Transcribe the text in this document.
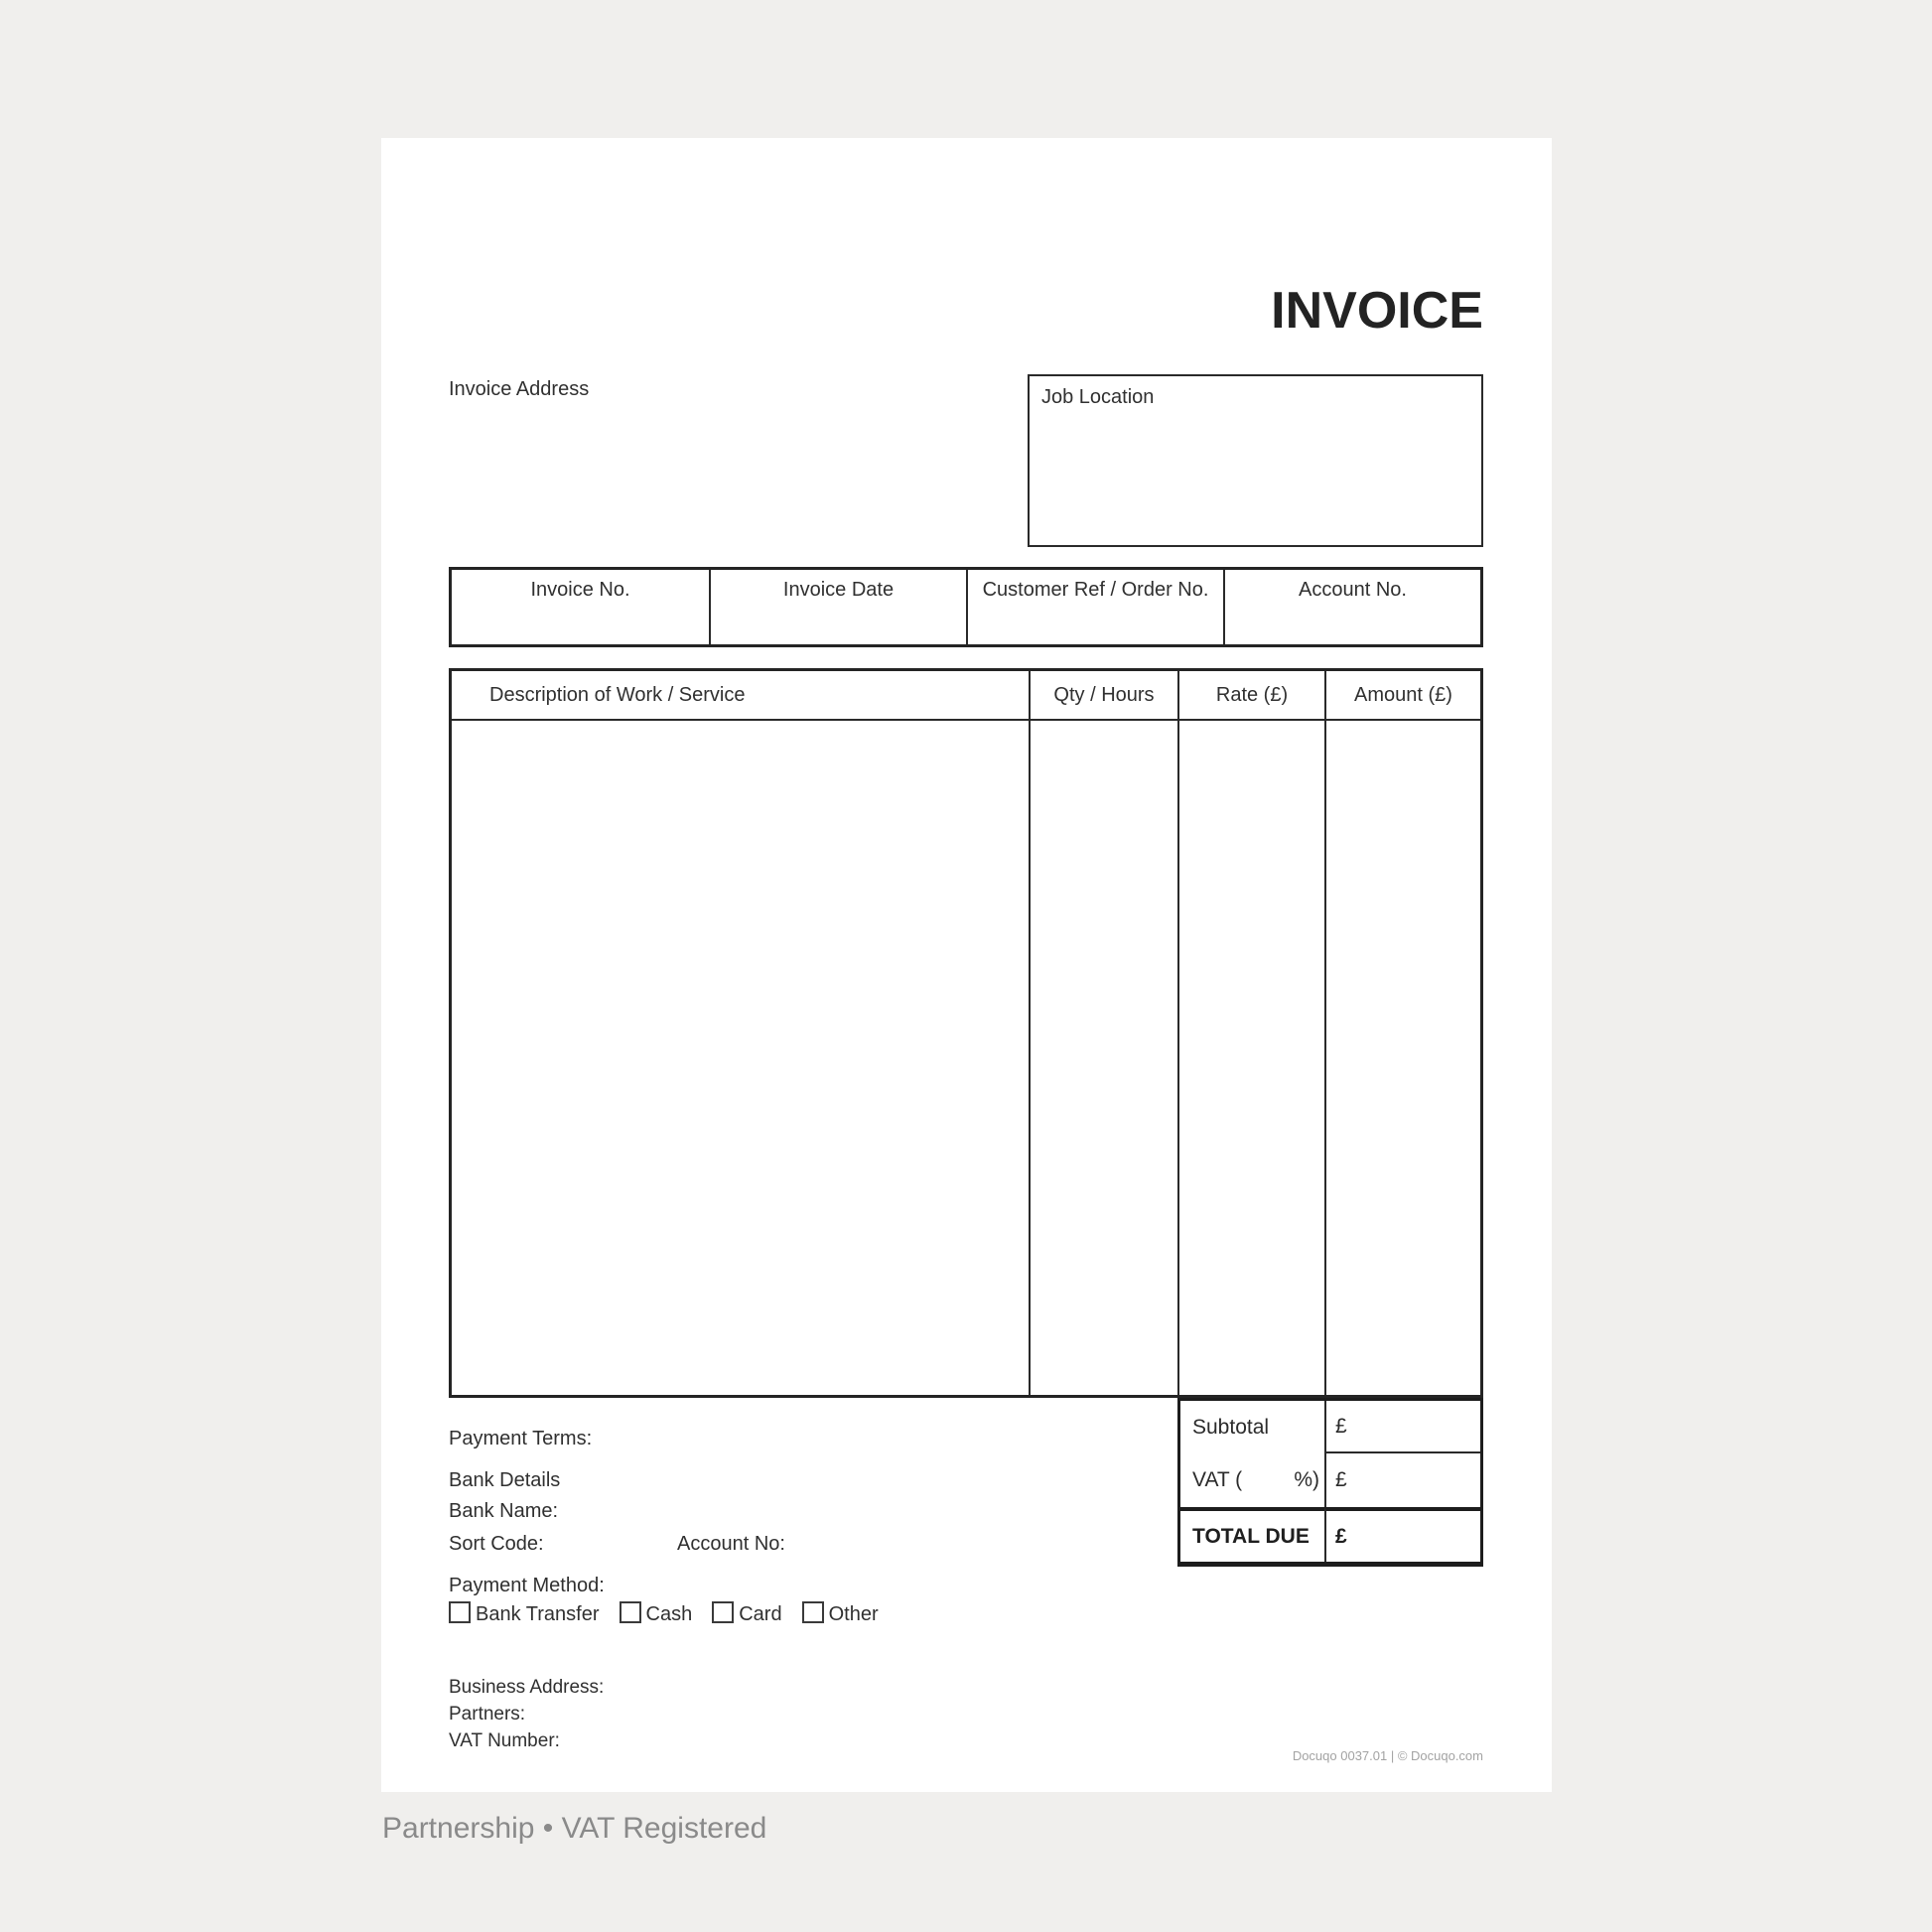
INVOICE
Invoice Address	Job Location
Invoice No.	Invoice Date	Customer Ref / Order No.	Account No.
Description of Work / Service	Qty / Hours	Rate (£)	Amount (£)
Subtotal	£
VAT ( %) £
TOTAL DUE	£
Payment Terms:
Bank Details
Bank Name:
Sort Code:	Account No:
Payment Method:
Bank Transfer Cash Card Other
Business Address:
Partners:
VAT Number:
Docuqo 0037.01 | © Docuqo.com
Partnership • VAT Registered
